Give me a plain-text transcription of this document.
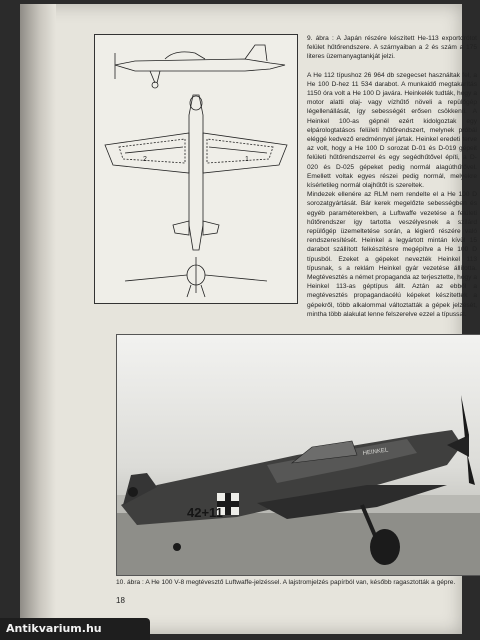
2	1

9. ábra : A Japán részére készített He-113 exportdrótot felület hűtőrendszere. A szárnyaiban a 2 és szám a 175 literes üzemanyagtankját jelzi.

A He 112 típushoz 26 964 db szegecset használtak fel, a He 100 D-hez 11 534 darabot. A munkaidő megtakarítás 1150 óra volt a He 100 D javára. Heinkelék tudták, hogy a motor alatti olaj- vagy vízhűtő növeli a repülőgép légellenállását, így sebességét erősen csökkenti. A Heinkel 100-as gépnél ezért kidolgoztak egy elpárologtatásos felületi hűtőrendszert, melynek próbái eléggé kedvező eredménnyel jártak. Heinkel eredeti terve az volt, hogy a He 100 D sorozat D-01 és D-019 gépeit felületi hűtőrendszerrel és egy segédhűtővel építi, a D-020 és D-025 gépeket pedig normál alagúthűtővel. Emellett voltak egyes részei pedig normál, melyekre kísérletileg normál olajhűtőt is szereltek.

Mindezek ellenére az RLM nem rendelte el a He 100 D sorozatgyártását. Bár kerek megelőzte sebességben és egyéb paraméterekben, a Luftwaffe vezetése a felületi hűtőrendszer így tartotta veszélyesnek a szilárd repülőgép üzemeltetése során, a légierő részére való rendszeresítését. Heinkel a legyártott mintán kívül 15 darabot szállított felkészítésre megépítve a He 100 D típusból. Ezeket a gépeket nevezték Heinkel 113 típusnak, s a reklám Heinkel gyár vezetése állította. Megtévesztés a német propaganda az terjesztette, hogy a Heinkel 113-as géptípus állt. Aztán az ebből a megtévesztés propagandacélú képeket készítettek a gépekről, több alkalommal változtatták a gépek jelzését, mintha több alakulat lenne felszerelve ezzel a típussal.

42+11
HEINKEL
10. ábra : A He 100 V-8 megtévesztő Luftwaffe-jelzéssel. A lajstromjelzés papírból van, később ragasztották a gépre.
18
Antikvarium.hu
